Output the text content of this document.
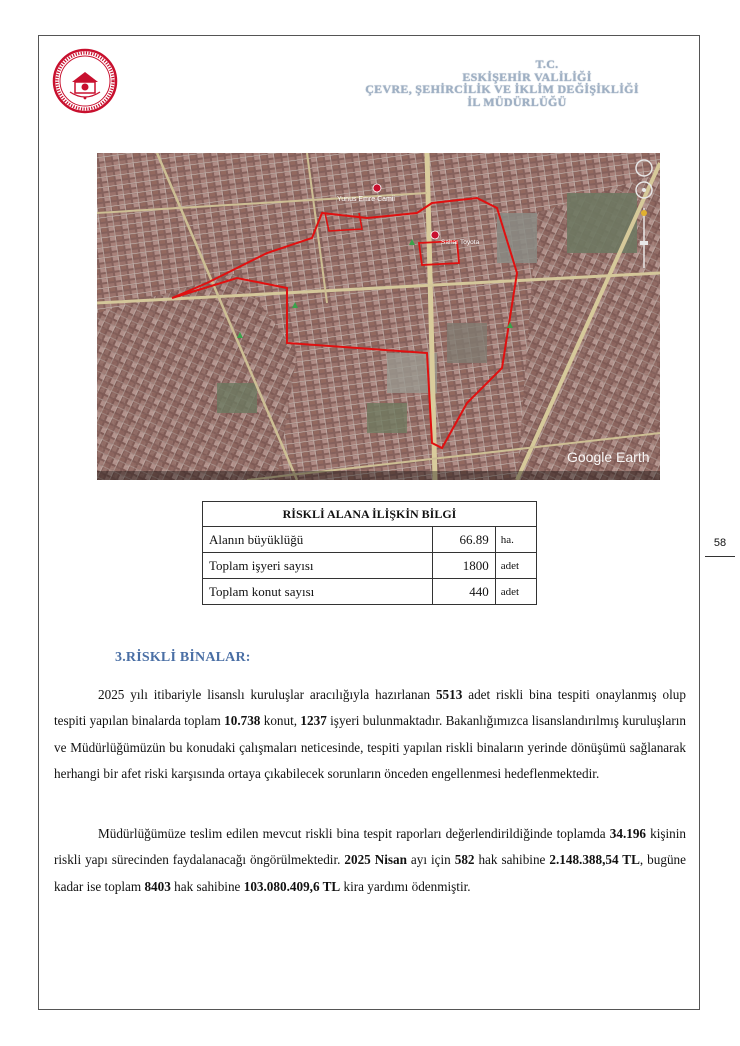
T.C.
ESKİŞEHİR VALİLİĞİ
ÇEVRE, ŞEHİRCİLİK VE İKLİM DEĞİŞİKLİĞİ
İL MÜDÜRLÜĞÜ
Yunus Emre Camii
Sahar Toyota
Google Earth
58
RİSKLİ ALANA İLİŞKİN BİLGİ		
Alanın büyüklüğü	66.89	ha.
Toplam işyeri sayısı	1800	adet
Toplam konut sayısı	440	adet
3.RİSKLİ BİNALAR:

2025 yılı itibariyle lisanslı kuruluşlar aracılığıyla hazırlanan 5513 adet riskli bina tespiti onaylanmış olup tespiti yapılan binalarda toplam 10.738 konut, 1237 işyeri bulunmaktadır. Bakanlığımızca lisanslandırılmış kuruluşların ve Müdürlüğümüzün bu konudaki çalışmaları neticesinde, tespiti yapılan riskli binaların yerinde dönüşümü sağlanarak herhangi bir afet riski karşısında ortaya çıkabilecek sorunların önceden engellenmesi hedeflenmektedir.

Müdürlüğümüze teslim edilen mevcut riskli bina tespit raporları değerlendirildiğinde toplamda 34.196 kişinin riskli yapı sürecinden faydalanacağı öngörülmektedir. 2025 Nisan ayı için 582 hak sahibine 2.148.388,54 TL, bugüne kadar ise toplam 8403 hak sahibine 103.080.409,6 TL kira yardımı ödenmiştir.
